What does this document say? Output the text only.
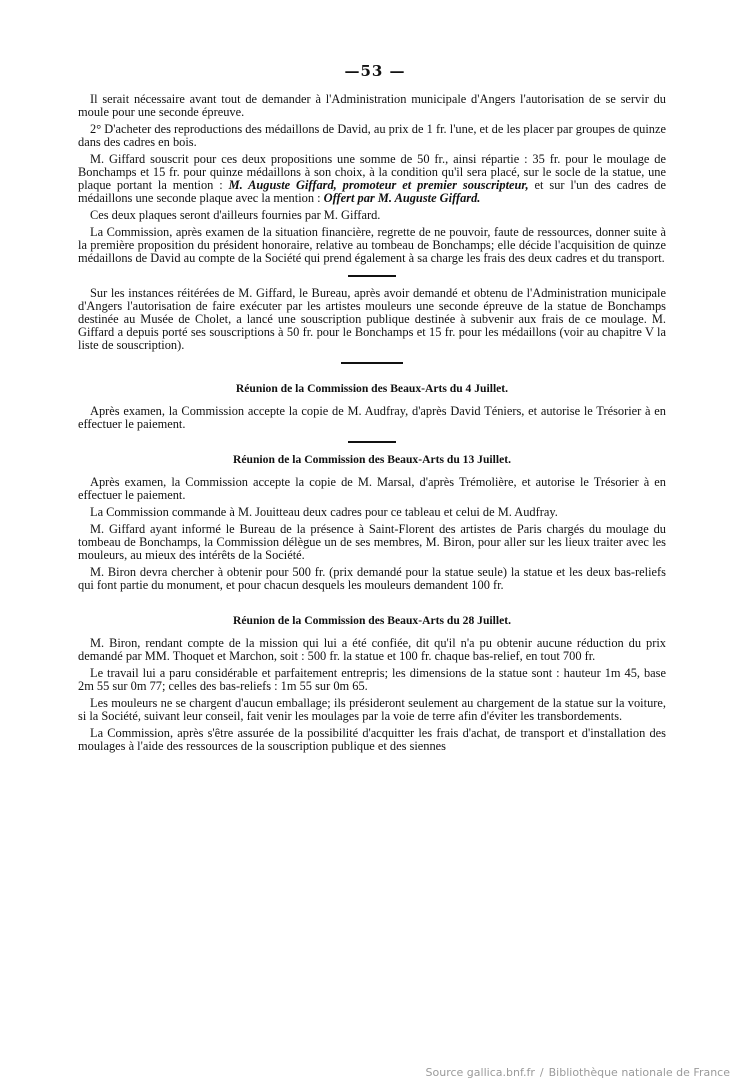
—53 —

Il serait nécessaire avant tout de demander à l'Administration municipale d'Angers l'autorisation de se servir du moule pour une seconde épreuve.

2° D'acheter des reproductions des médaillons de David, au prix de 1 fr. l'une, et de les placer par groupes de quinze dans des cadres en bois.

M. Giffard souscrit pour ces deux propositions une somme de 50 fr., ainsi répartie : 35 fr. pour le moulage de Bonchamps et 15 fr. pour quinze médaillons à son choix, à la condition qu'il sera placé, sur le socle de la statue, une plaque portant la mention : M. Auguste Giffard, promoteur et premier souscripteur, et sur l'un des cadres de médaillons une seconde plaque avec la mention : Offert par M. Auguste Giffard.

Ces deux plaques seront d'ailleurs fournies par M. Giffard.

La Commission, après examen de la situation financière, regrette de ne pouvoir, faute de ressources, donner suite à la première proposition du président honoraire, relative au tombeau de Bonchamps; elle décide l'acquisition de quinze médaillons de David au compte de la Société qui prend également à sa charge les frais des deux cadres et du transport.

Sur les instances réitérées de M. Giffard, le Bureau, après avoir demandé et obtenu de l'Administration municipale d'Angers l'autorisation de faire exécuter par les artistes mouleurs une seconde épreuve de la statue de Bonchamps destinée au Musée de Cholet, a lancé une souscription publique destinée à subvenir aux frais de ce moulage. M. Giffard a depuis porté ses souscriptions à 50 fr. pour le Bonchamps et 15 fr. pour les médaillons (voir au chapitre V la liste de souscription).

Réunion de la Commission des Beaux-Arts du 4 Juillet.

Après examen, la Commission accepte la copie de M. Audfray, d'après David Téniers, et autorise le Trésorier à en effectuer le paiement.

Réunion de la Commission des Beaux-Arts du 13 Juillet.

Après examen, la Commission accepte la copie de M. Marsal, d'après Trémolière, et autorise le Trésorier à en effectuer le paiement.

La Commission commande à M. Jouitteau deux cadres pour ce tableau et celui de M. Audfray.

M. Giffard ayant informé le Bureau de la présence à Saint-Florent des artistes de Paris chargés du moulage du tombeau de Bonchamps, la Commission délègue un de ses membres, M. Biron, pour aller sur les lieux traiter avec les mouleurs, au mieux des intérêts de la Société.

M. Biron devra chercher à obtenir pour 500 fr. (prix demandé pour la statue seule) la statue et les deux bas-reliefs qui font partie du monument, et pour chacun desquels les mouleurs demandent 100 fr.

Réunion de la Commission des Beaux-Arts du 28 Juillet.

M. Biron, rendant compte de la mission qui lui a été confiée, dit qu'il n'a pu obtenir aucune réduction du prix demandé par MM. Thoquet et Marchon, soit : 500 fr. la statue et 100 fr. chaque bas-relief, en tout 700 fr.

Le travail lui a paru considérable et parfaitement entrepris; les dimensions de la statue sont : hauteur 1m 45, base 2m 55 sur 0m 77; celles des bas-reliefs : 1m 55 sur 0m 65.

Les mouleurs ne se chargent d'aucun emballage; ils présideront seulement au chargement de la statue sur la voiture, si la Société, suivant leur conseil, fait venir les moulages par la voie de terre afin d'éviter les transbordements.

La Commission, après s'être assurée de la possibilité d'acquitter les frais d'achat, de transport et d'installation des moulages à l'aide des ressources de la souscription publique et des siennes

Source gallica.bnf.fr / Bibliothèque nationale de France
